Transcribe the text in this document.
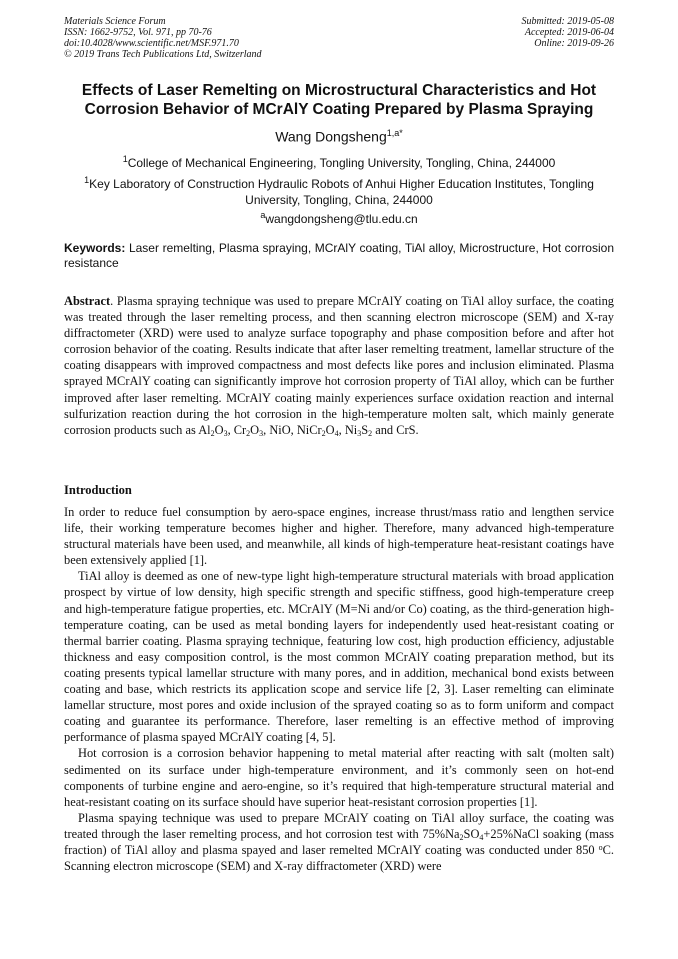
Materials Science Forum
ISSN: 1662-9752, Vol. 971, pp 70-76
doi:10.4028/www.scientific.net/MSF.971.70
© 2019 Trans Tech Publications Ltd, Switzerland
Submitted: 2019-05-08
Accepted: 2019-06-04
Online: 2019-09-26
Effects of Laser Remelting on Microstructural Characteristics and Hot
Corrosion Behavior of MCrAlY Coating Prepared by Plasma Spraying
Wang Dongsheng$^{1,a*}$
$^1$College of Mechanical Engineering, Tongling University, Tongling, China, 244000
$^1$Key Laboratory of Construction Hydraulic Robots of Anhui Higher Education Institutes, Tongling University, Tongling, China, 244000
$^a$wangdongsheng@tlu.edu.cn
Keywords: Laser remelting, Plasma spraying, MCrAlY coating, TiAl alloy, Microstructure, Hot corrosion resistance
Abstract. Plasma spraying technique was used to prepare MCrAlY coating on TiAl alloy surface, the coating was treated through the laser remelting process, and then scanning electron microscope (SEM) and X-ray diffractometer (XRD) were used to analyze surface topography and phase composition before and after hot corrosion behavior of the coating. Results indicate that after laser remelting treatment, lamellar structure of the coating disappears with improved compactness and most defects like pores and inclusion eliminated. Plasma sprayed MCrAlY coating can significantly improve hot corrosion property of TiAl alloy, which can be further improved after laser remelting. MCrAlY coating mainly experiences surface oxidation reaction and internal sulfurization reaction during the hot corrosion in the high-temperature molten salt, which mainly generate corrosion products such as $Al_2O_3$, $Cr_2O_3$, NiO, $NiCr_2O_4$, $Ni_3S_2$ and CrS.
Introduction

In order to reduce fuel consumption by aero-space engines, increase thrust/mass ratio and lengthen service life, their working temperature becomes higher and higher. Therefore, many advanced high-temperature structural materials have been used, and meanwhile, all kinds of high-temperature heat-resistant coatings have been extensively applied [1].

TiAl alloy is deemed as one of new-type light high-temperature structural materials with broad application prospect by virtue of low density, high specific strength and specific stiffness, good high-temperature creep and high-temperature fatigue properties, etc. MCrAlY (M=Ni and/or Co) coating, as the third-generation high-temperature coating, can be used as metal bonding layers for independently used heat-resistant coating or thermal barrier coating. Plasma spraying technique, featuring low cost, high production efficiency, adjustable thickness and easy composition control, is the most common MCrAlY coating preparation method, but its coating presents typical lamellar structure with many pores, and in addition, mechanical bond exists between coating and base, which restricts its application scope and service life [2, 3]. Laser remelting can eliminate lamellar structure, most pores and oxide inclusion of the sprayed coating so as to form uniform and compact coating and guarantee its performance. Therefore, laser remelting is an effective method of improving performance of plasma spayed MCrAlY coating [4, 5].

Hot corrosion is a corrosion behavior happening to metal material after reacting with salt (molten salt) sedimented on its surface under high-temperature environment, and it’s commonly seen on hot-end components of turbine engine and aero-engine, so it’s required that high-temperature structural material and heat-resistant coating on its surface should have superior heat-resistant corrosion properties [1].

Plasma spaying technique was used to prepare MCrAlY coating on TiAl alloy surface, the coating was treated through the laser remelting process, and hot corrosion test with $75\%Na_2SO_4+25\%NaCl$ soaking (mass fraction) of TiAl alloy and plasma spayed and laser remelted MCrAlY coating was conducted under 850 $^o$C. Scanning electron microscope (SEM) and X-ray diffractometer (XRD) were
